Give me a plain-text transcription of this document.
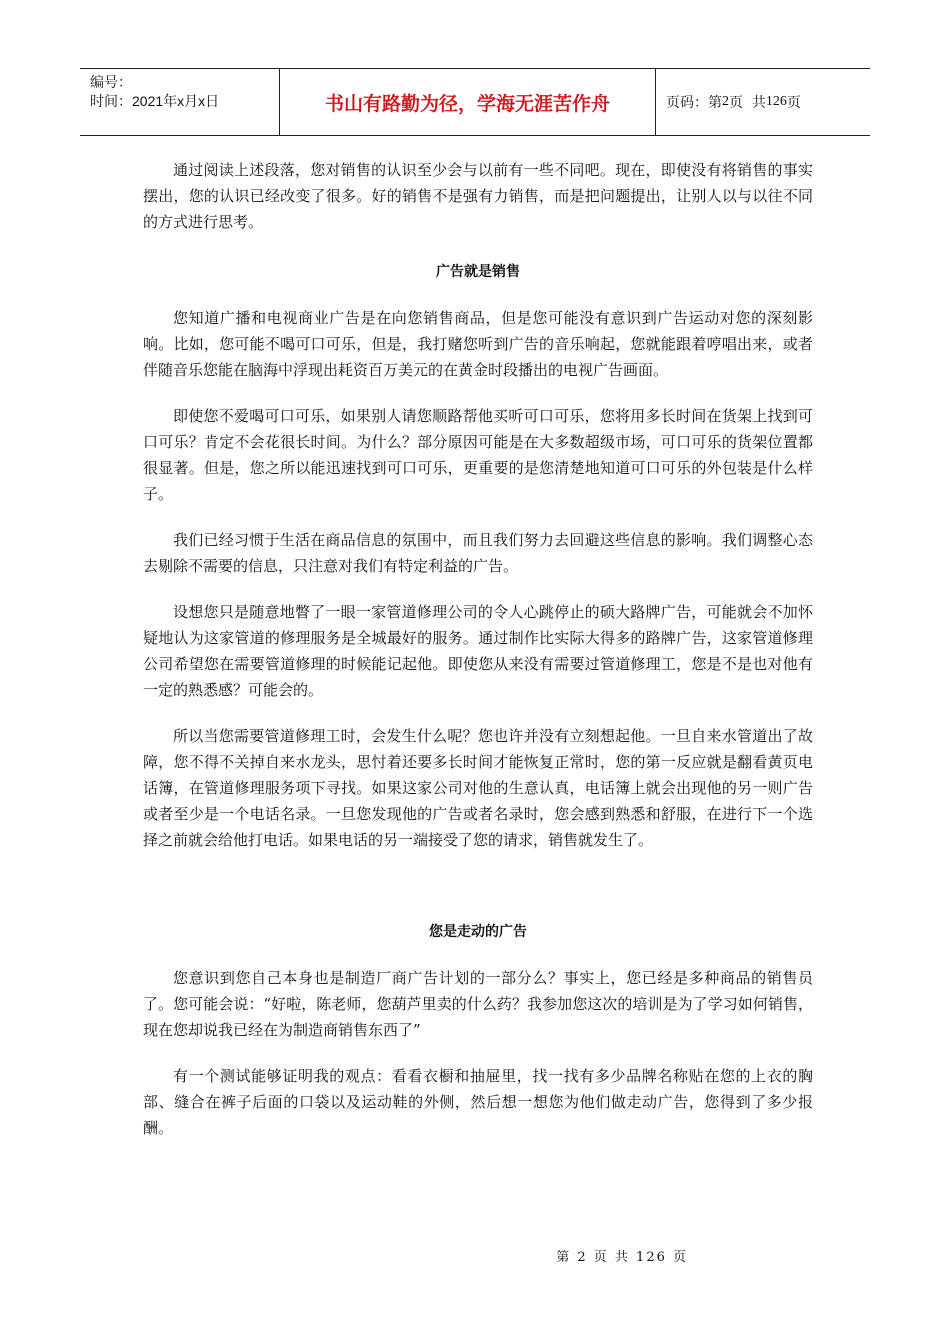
编号：
时间：2021年x月x日	书山有路勤为径，学海无涯苦作舟	页码：第 2 页  共 126 页

通过阅读上述段落，您对销售的认识至少会与以前有一些不同吧。现在，即使没有将销售的事实摆出，您的认识已经改变了很多。好的销售不是强有力销售，而是把问题提出，让别人以与以往不同的方式进行思考。

广告就是销售

您知道广播和电视商业广告是在向您销售商品，但是您可能没有意识到广告运动对您的深刻影响。比如，您可能不喝可口可乐，但是，我打赌您听到广告的音乐响起，您就能跟着哼唱出来，或者伴随音乐您能在脑海中浮现出耗资百万美元的在黄金时段播出的电视广告画面。

即使您不爱喝可口可乐，如果别人请您顺路帮他买听可口可乐，您将用多长时间在货架上找到可口可乐？肯定不会花很长时间。为什么？部分原因可能是在大多数超级市场，可口可乐的货架位置都很显著。但是，您之所以能迅速找到可口可乐，更重要的是您清楚地知道可口可乐的外包装是什么样子。

我们已经习惯于生活在商品信息的氛围中，而且我们努力去回避这些信息的影响。我们调整心态去剔除不需要的信息，只注意对我们有特定利益的广告。

设想您只是随意地瞥了一眼一家管道修理公司的令人心跳停止的硕大路牌广告，可能就会不加怀疑地认为这家管道的修理服务是全城最好的服务。通过制作比实际大得多的路牌广告，这家管道修理公司希望您在需要管道修理的时候能记起他。即使您从来没有需要过管道修理工，您是不是也对他有一定的熟悉感？可能会的。

所以当您需要管道修理工时，会发生什么呢？您也许并没有立刻想起他。一旦自来水管道出了故障，您不得不关掉自来水龙头，思忖着还要多长时间才能恢复正常时，您的第一反应就是翻看黄页电话簿，在管道修理服务项下寻找。如果这家公司对他的生意认真，电话簿上就会出现他的另一则广告或者至少是一个电话名录。一旦您发现他的广告或者名录时，您会感到熟悉和舒服，在进行下一个选择之前就会给他打电话。如果电话的另一端接受了您的请求，销售就发生了。

您是走动的广告

您意识到您自己本身也是制造厂商广告计划的一部分么？事实上，您已经是多种商品的销售员了。您可能会说：“好啦，陈老师，您葫芦里卖的什么药？我参加您这次的培训是为了学习如何销售，现在您却说我已经在为制造商销售东西了”

有一个测试能够证明我的观点：看看衣橱和抽屉里，找一找有多少品牌名称贴在您的上衣的胸部、缝合在裤子后面的口袋以及运动鞋的外侧，然后想一想您为他们做走动广告，您得到了多少报酬。

第 2 页 共 126 页
